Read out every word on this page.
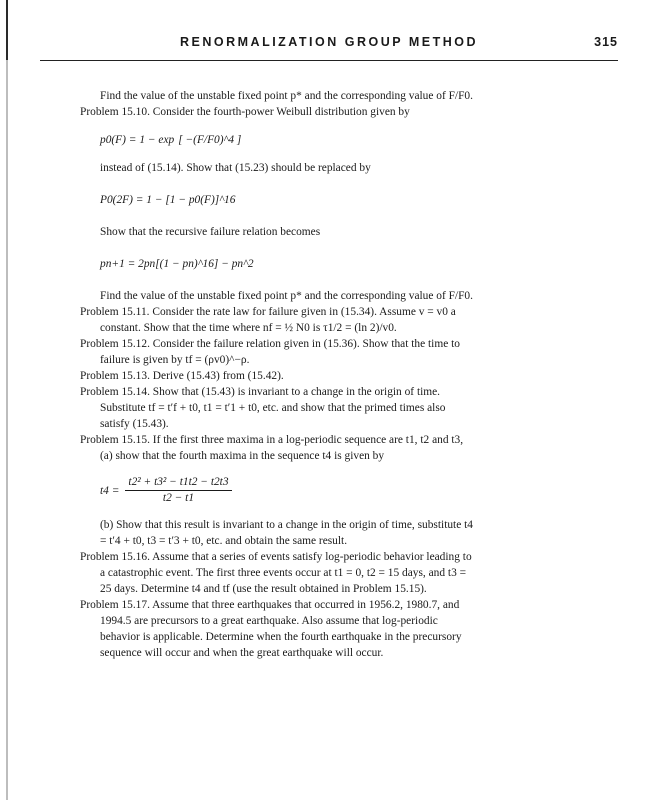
RENORMALIZATION GROUP METHOD	315

Find the value of the unstable fixed point p* and the corresponding value of F/F0.

Problem 15.10. Consider the fourth-power Weibull distribution given by

p0(F) = 1 − exp [ −(F/F0)^4 ]

instead of (15.14). Show that (15.23) should be replaced by

P0(2F) = 1 − [1 − p0(F)]^16

Show that the recursive failure relation becomes

pn+1 = 2pn[(1 − pn)^16] − pn^2

Find the value of the unstable fixed point p* and the corresponding value of F/F0.

Problem 15.11. Consider the rate law for failure given in (15.34). Assume v = v0 a constant. Show that the time where nf = ½ N0 is τ1/2 = (ln 2)/v0.

Problem 15.12. Consider the failure relation given in (15.36). Show that the time to failure is given by tf = (ρv0)^−ρ.

Problem 15.13. Derive (15.43) from (15.42).

Problem 15.14. Show that (15.43) is invariant to a change in the origin of time. Substitute tf = t′f + t0, t1 = t′1 + t0, etc. and show that the primed times also satisfy (15.43).

Problem 15.15. If the first three maxima in a log-periodic sequence are t1, t2 and t3, (a) show that the fourth maxima in the sequence t4 is given by

$t4 = \frac{\text{t2² + t3² − t1t2 − t2t3}}{t2 - t1}$

(b) Show that this result is invariant to a change in the origin of time, substitute t4 = t′4 + t0, t3 = t′3 + t0, etc. and obtain the same result.

Problem 15.16. Assume that a series of events satisfy log-periodic behavior leading to a catastrophic event. The first three events occur at t1 = 0, t2 = 15 days, and t3 = 25 days. Determine t4 and tf (use the result obtained in Problem 15.15).

Problem 15.17. Assume that three earthquakes that occurred in 1956.2, 1980.7, and 1994.5 are precursors to a great earthquake. Also assume that log-periodic behavior is applicable. Determine when the fourth earthquake in the precursory sequence will occur and when the great earthquake will occur.
